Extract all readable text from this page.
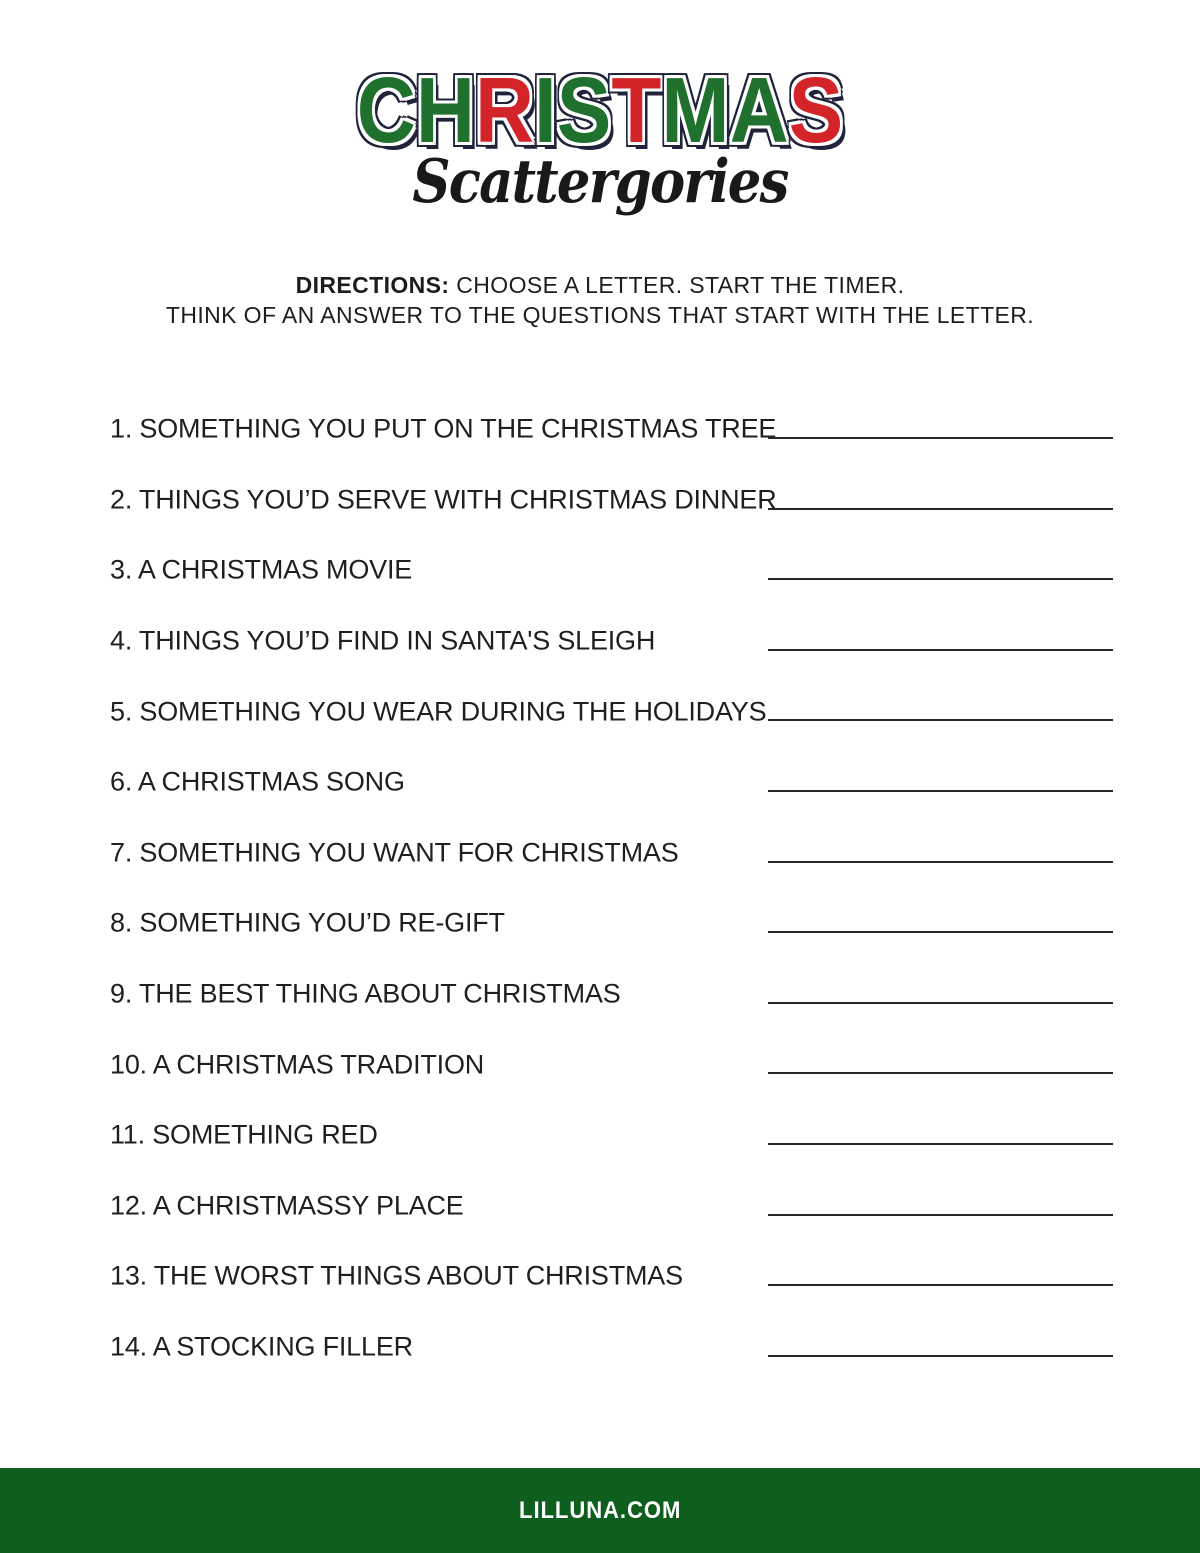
CHRISTMAS
Scattergories
DIRECTIONS: CHOOSE A LETTER. START THE TIMER.
THINK OF AN ANSWER TO THE QUESTIONS THAT START WITH THE LETTER.
1. SOMETHING YOU PUT ON THE CHRISTMAS TREE
2. THINGS YOU’D SERVE WITH CHRISTMAS DINNER
3. A CHRISTMAS MOVIE
4. THINGS YOU’D FIND IN SANTA'S SLEIGH
5. SOMETHING YOU WEAR DURING THE HOLIDAYS
6. A CHRISTMAS SONG
7. SOMETHING YOU WANT FOR CHRISTMAS
8. SOMETHING YOU’D RE-GIFT
9. THE BEST THING ABOUT CHRISTMAS
10. A CHRISTMAS TRADITION
11. SOMETHING RED
12. A CHRISTMASSY PLACE
13. THE WORST THINGS ABOUT CHRISTMAS
14. A STOCKING FILLER
LILLUNA.COM
